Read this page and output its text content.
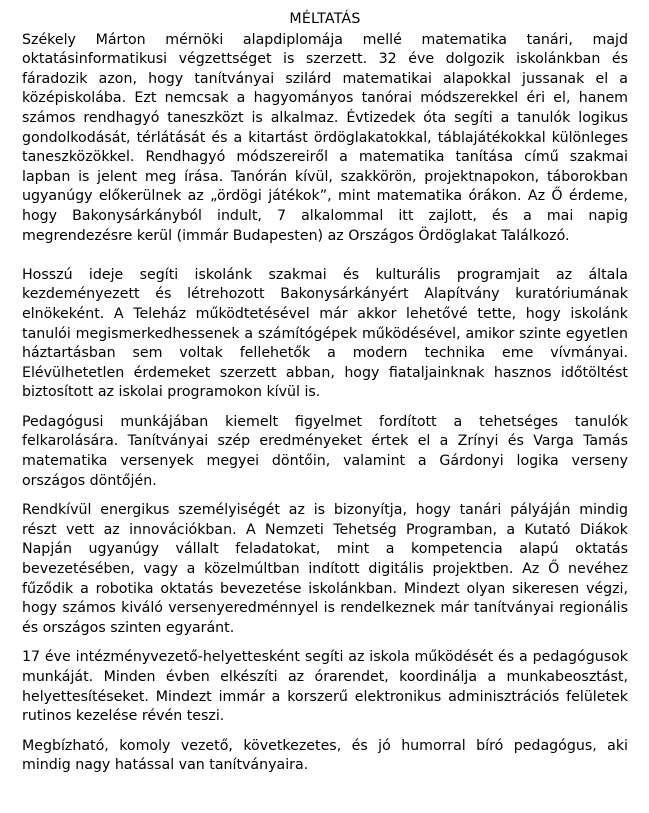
MÉLTATÁS

Székely Márton mérnöki alapdiplomája mellé matematika tanári, majd oktatásinformatikusi végzettséget is szerzett. 32 éve dolgozik iskolánkban és fáradozik azon, hogy tanítványai szilárd matematikai alapokkal jussanak el a középiskolába. Ezt nemcsak a hagyományos tanórai módszerekkel éri el, hanem számos rendhagyó taneszközt is alkalmaz. Évtizedek óta segíti a tanulók logikus gondolkodását, térlátását és a kitartást ördöglakatokkal, táblajátékokkal különleges taneszközökkel. Rendhagyó módszereiről a matematika tanítása című szakmai lapban is jelent meg írása. Tanórán kívül, szakkörön, projektnapokon, táborokban ugyanúgy előkerülnek az „ördögi játékok”, mint matematika órákon. Az Ő érdeme, hogy Bakonysárkányból indult, 7 alkalommal itt zajlott, és a mai napig megrendezésre kerül (immár Budapesten) az Országos Ördöglakat Találkozó.

Hosszú ideje segíti iskolánk szakmai és kulturális programjait az általa kezdeményezett és létrehozott Bakonysárkányért Alapítvány kuratóriumának elnökeként. A Teleház működtetésével már akkor lehetővé tette, hogy iskolánk tanulói megismerkedhessenek a számítógépek működésével, amikor szinte egyetlen háztartásban sem voltak fellehetők a modern technika eme vívmányai. Elévülhetetlen érdemeket szerzett abban, hogy fiataljainknak hasznos időtöltést biztosított az iskolai programokon kívül is.

Pedagógusi munkájában kiemelt figyelmet fordított a tehetséges tanulók felkarolására. Tanítványai szép eredményeket értek el a Zrínyi és Varga Tamás matematika versenyek megyei döntőin, valamint a Gárdonyi logika verseny országos döntőjén.

Rendkívül energikus személyiségét az is bizonyítja, hogy tanári pályáján mindig részt vett az innovációkban. A Nemzeti Tehetség Programban, a Kutató Diákok Napján ugyanúgy vállalt feladatokat, mint a kompetencia alapú oktatás bevezetésében, vagy a közelmúltban indított digitális projektben. Az Ő nevéhez fűződik a robotika oktatás bevezetése iskolánkban. Mindezt olyan sikeresen végzi, hogy számos kiváló versenyeredménnyel is rendelkeznek már tanítványai regionális és országos szinten egyaránt.

17 éve intézményvezető-helyettesként segíti az iskola működését és a pedagógusok munkáját. Minden évben elkészíti az órarendet, koordinálja a munkabeosztást, helyettesítéseket. Mindezt immár a korszerű elektronikus adminisztrációs felületek rutinos kezelése révén teszi.

Megbízható, komoly vezető, következetes, és jó humorral bíró pedagógus, aki mindig nagy hatással van tanítványaira.
